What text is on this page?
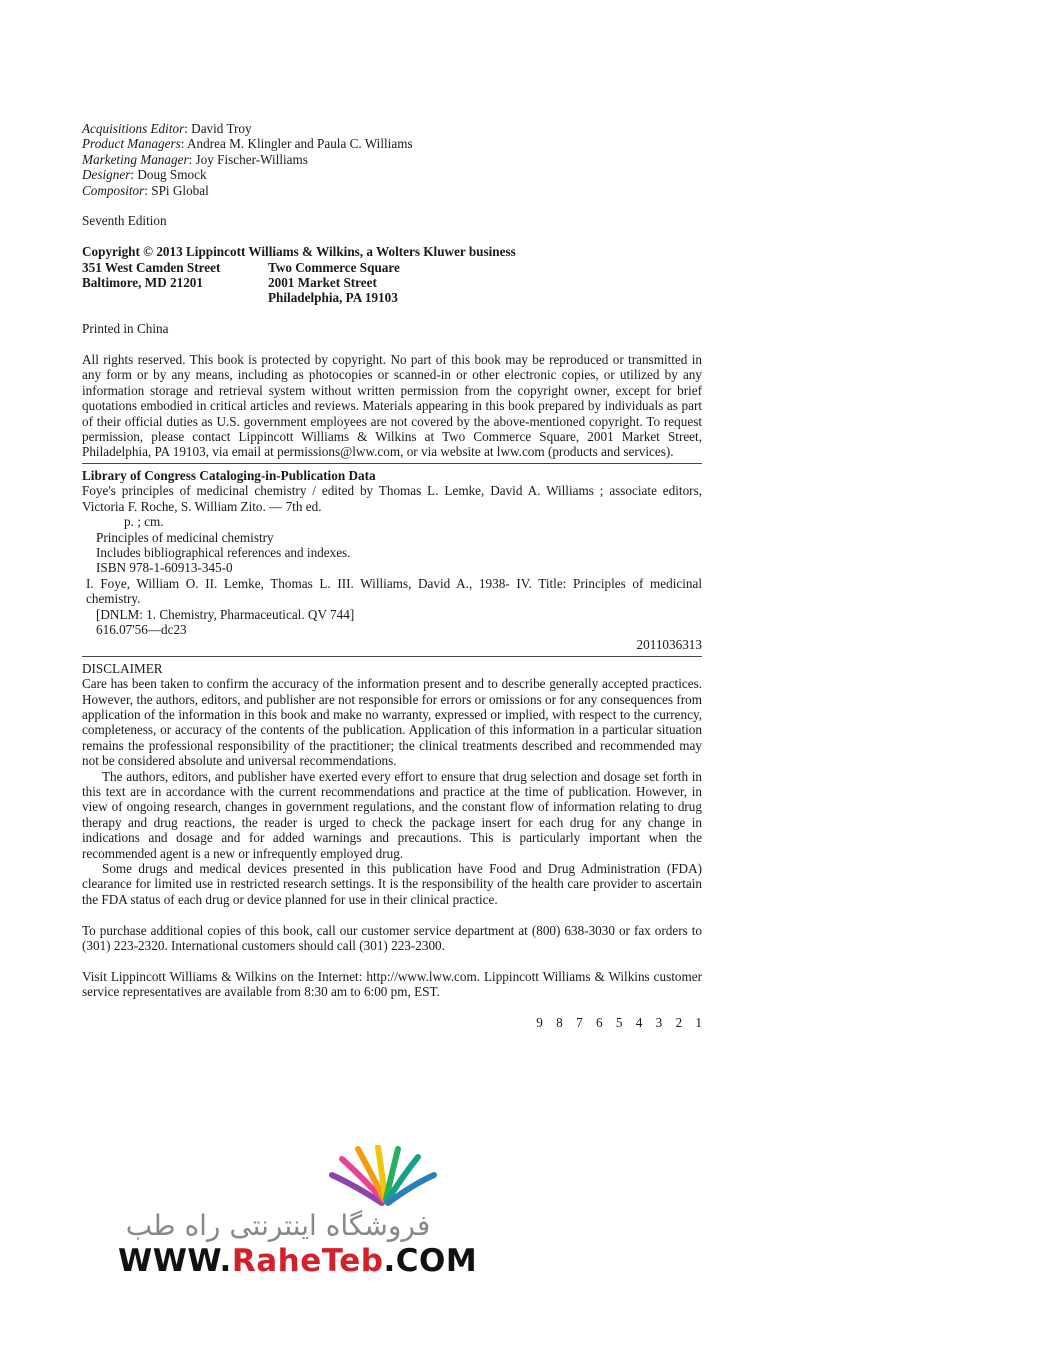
Acquisitions Editor: David Troy
Product Managers: Andrea M. Klingler and Paula C. Williams
Marketing Manager: Joy Fischer-Williams
Designer: Doug Smock
Compositor: SPi Global
Seventh Edition
Copyright © 2013 Lippincott Williams & Wilkins, a Wolters Kluwer business
351 West Camden Street	Two Commerce Square
Baltimore, MD 21201	2001 Market Street
Philadelphia, PA 19103
Printed in China
All rights reserved. This book is protected by copyright. No part of this book may be reproduced or transmitted in any form or by any means, including as photocopies or scanned-in or other electronic copies, or utilized by any information storage and retrieval system without written permission from the copyright owner, except for brief quotations embodied in critical articles and reviews. Materials appearing in this book prepared by individuals as part of their official duties as U.S. government employees are not covered by the above-mentioned copyright. To request permission, please contact Lippincott Williams & Wilkins at Two Commerce Square, 2001 Market Street, Philadelphia, PA 19103, via email at permissions@lww.com, or via website at lww.com (products and services).
Library of Congress Cataloging-in-Publication Data
Foye's principles of medicinal chemistry / edited by Thomas L. Lemke, David A. Williams ; associate editors, Victoria F. Roche, S. William Zito. — 7th ed.
p. ; cm.
Principles of medicinal chemistry
Includes bibliographical references and indexes.
ISBN 978-1-60913-345-0
I. Foye, William O. II. Lemke, Thomas L. III. Williams, David A., 1938- IV. Title: Principles of medicinal chemistry.
[DNLM: 1. Chemistry, Pharmaceutical. QV 744]
616.07'56—dc23
2011036313
DISCLAIMER
Care has been taken to confirm the accuracy of the information present and to describe generally accepted practices. However, the authors, editors, and publisher are not responsible for errors or omissions or for any consequences from application of the information in this book and make no warranty, expressed or implied, with respect to the currency, completeness, or accuracy of the contents of the publication. Application of this information in a particular situation remains the professional responsibility of the practitioner; the clinical treatments described and recommended may not be considered absolute and universal recommendations.
The authors, editors, and publisher have exerted every effort to ensure that drug selection and dosage set forth in this text are in accordance with the current recommendations and practice at the time of publication. However, in view of ongoing research, changes in government regulations, and the constant flow of information relating to drug therapy and drug reactions, the reader is urged to check the package insert for each drug for any change in indications and dosage and for added warnings and precautions. This is particularly important when the recommended agent is a new or infrequently employed drug.
Some drugs and medical devices presented in this publication have Food and Drug Administration (FDA) clearance for limited use in restricted research settings. It is the responsibility of the health care provider to ascertain the FDA status of each drug or device planned for use in their clinical practice.
To purchase additional copies of this book, call our customer service department at (800) 638-3030 or fax orders to (301) 223-2320. International customers should call (301) 223-2300.
Visit Lippincott Williams & Wilkins on the Internet: http://www.lww.com. Lippincott Williams & Wilkins customer service representatives are available from 8:30 am to 6:00 pm, EST.
9 8 7 6 5 4 3 2 1
فروشگاه اینترنتی راه طب
WWW.RaheTeb.COM
